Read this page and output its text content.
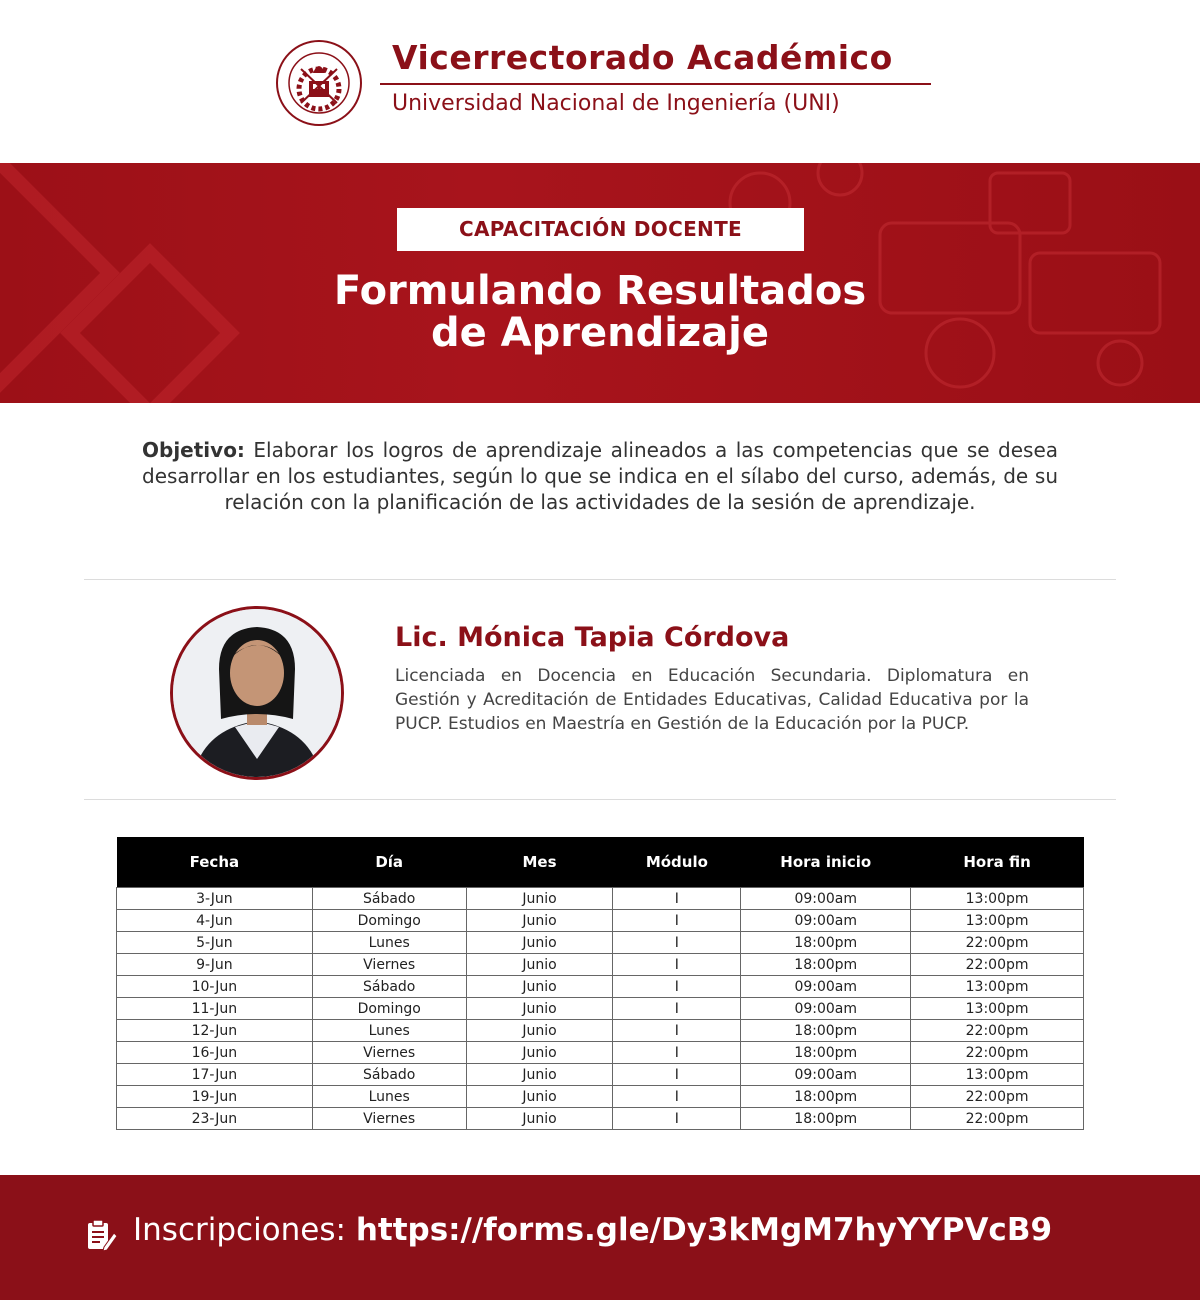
Vicerrectorado Académico
Universidad Nacional de Ingeniería (UNI)
CAPACITACIÓN DOCENTE
Formulando Resultados
de Aprendizaje
Objetivo: Elaborar los logros de aprendizaje alineados a las competencias que se desea desarrollar en los estudiantes, según lo que se indica en el sílabo del curso, además, de su relación con la planificación de las actividades de la sesión de aprendizaje.
Lic. Mónica Tapia Córdova
Licenciada en Docencia en Educación Secundaria. Diplomatura en Gestión y Acreditación de Entidades Educativas, Calidad Educativa por la PUCP. Estudios en Maestría en Gestión de la Educación por la PUCP.
Fecha	Día	Mes	Módulo	Hora inicio	Hora fin
3-Jun	Sábado	Junio	I	09:00am	13:00pm
4-Jun	Domingo	Junio	I	09:00am	13:00pm
5-Jun	Lunes	Junio	I	18:00pm	22:00pm
9-Jun	Viernes	Junio	I	18:00pm	22:00pm
10-Jun	Sábado	Junio	I	09:00am	13:00pm
11-Jun	Domingo	Junio	I	09:00am	13:00pm
12-Jun	Lunes	Junio	I	18:00pm	22:00pm
16-Jun	Viernes	Junio	I	18:00pm	22:00pm
17-Jun	Sábado	Junio	I	09:00am	13:00pm
19-Jun	Lunes	Junio	I	18:00pm	22:00pm
23-Jun	Viernes	Junio	I	18:00pm	22:00pm
Inscripciones: https://forms.gle/Dy3kMgM7hyYYPVcB9
